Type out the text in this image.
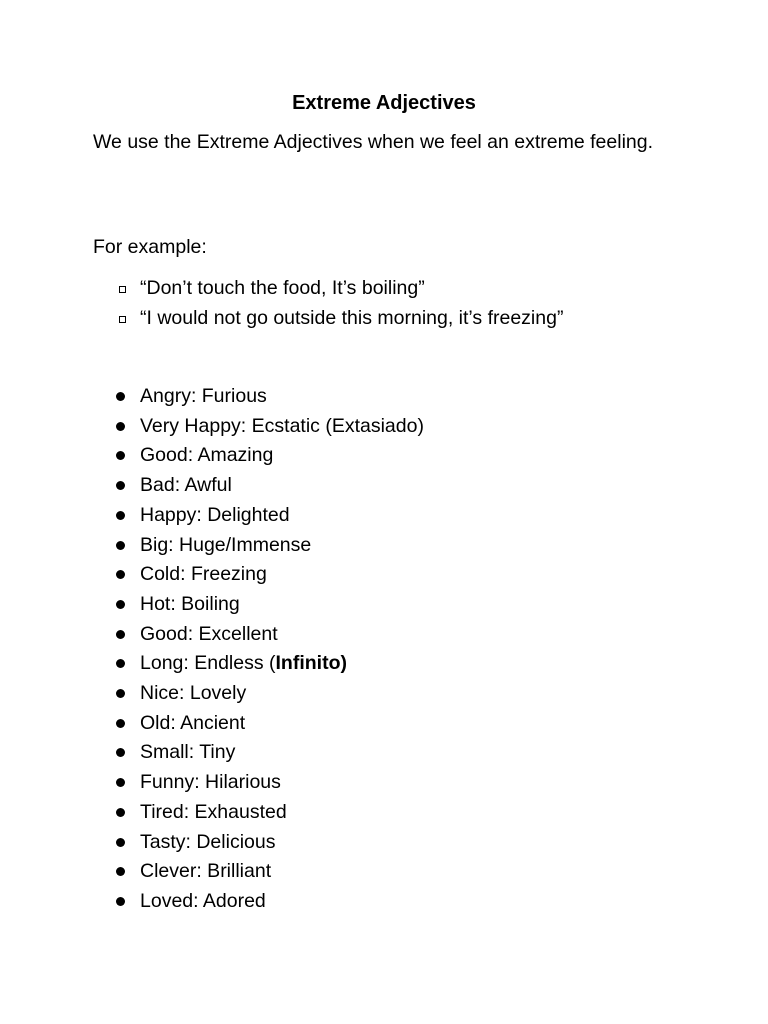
Extreme Adjectives
We use the Extreme Adjectives when we feel an extreme feeling.
For example:
“Don’t touch the food, It’s boiling”
“I would not go outside this morning, it’s freezing”
Angry: Furious
Very Happy: Ecstatic (Extasiado)
Good: Amazing
Bad: Awful
Happy: Delighted
Big: Huge/Immense
Cold: Freezing
Hot: Boiling
Good: Excellent
Long: Endless (Infinito)
Nice: Lovely
Old: Ancient
Small: Tiny
Funny: Hilarious
Tired: Exhausted
Tasty: Delicious
Clever: Brilliant
Loved: Adored
